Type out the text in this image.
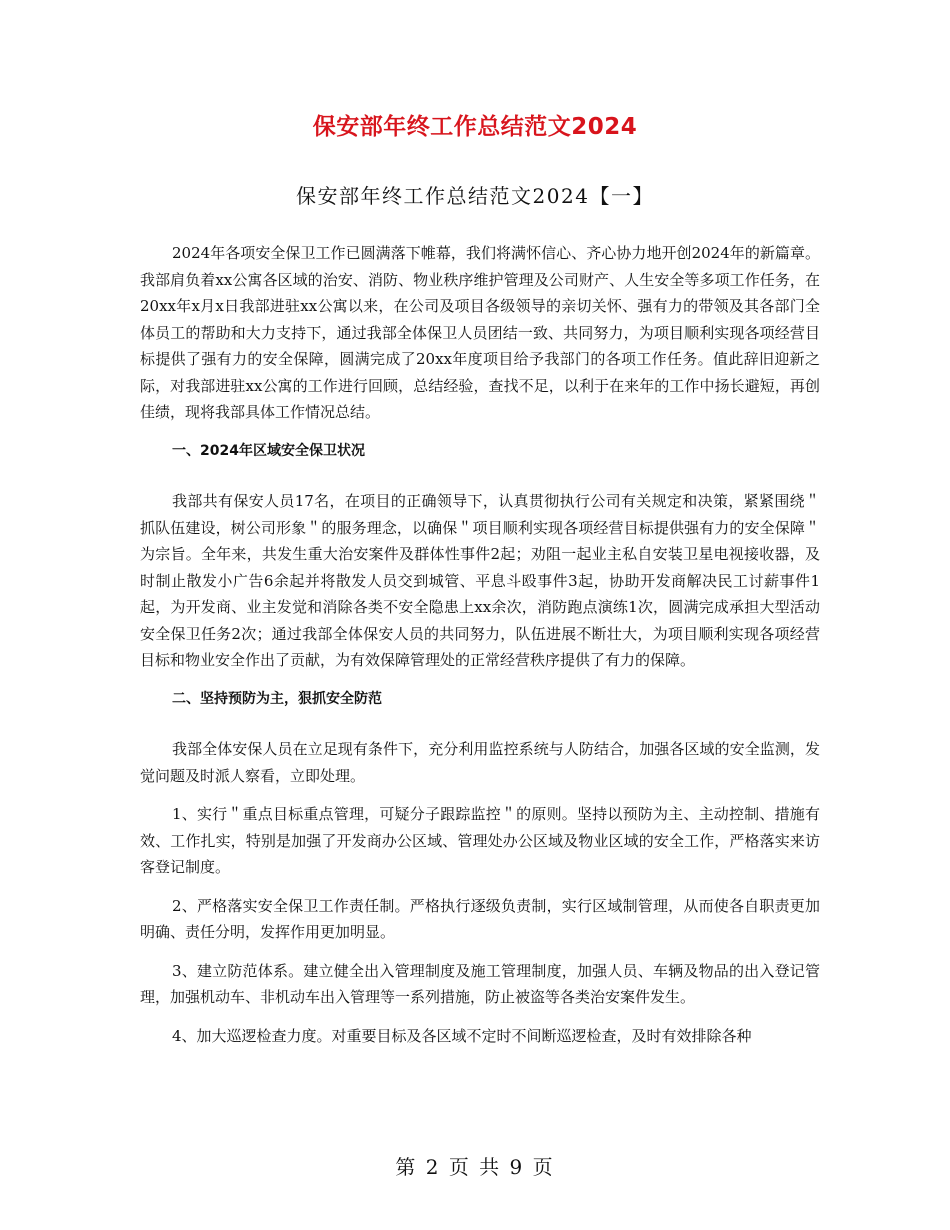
保安部年终工作总结范文2024
保安部年终工作总结范文2024【一】

2024年各项安全保卫工作已圆满落下帷幕，我们将满怀信心、齐心协力地开创2024年的新篇章。我部肩负着xx公寓各区域的治安、消防、物业秩序维护管理及公司财产、人生安全等多项工作任务，在20xx年x月x日我部进驻xx公寓以来，在公司及项目各级领导的亲切关怀、强有力的带领及其各部门全体员工的帮助和大力支持下，通过我部全体保卫人员团结一致、共同努力，为项目顺利实现各项经营目标提供了强有力的安全保障，圆满完成了20xx年度项目给予我部门的各项工作任务。值此辞旧迎新之际，对我部进驻xx公寓的工作进行回顾，总结经验，查找不足，以利于在来年的工作中扬长避短，再创佳绩，现将我部具体工作情况总结。

一、2024年区域安全保卫状况

我部共有保安人员17名，在项目的正确领导下，认真贯彻执行公司有关规定和决策，紧紧围绕＂抓队伍建设，树公司形象＂的服务理念，以确保＂项目顺利实现各项经营目标提供强有力的安全保障＂为宗旨。全年来，共发生重大治安案件及群体性事件2起；劝阻一起业主私自安装卫星电视接收器，及时制止散发小广告6余起并将散发人员交到城管、平息斗殴事件3起，协助开发商解决民工讨薪事件1起，为开发商、业主发觉和消除各类不安全隐患上xx余次，消防跑点演练1次，圆满完成承担大型活动安全保卫任务2次；通过我部全体保安人员的共同努力，队伍进展不断壮大，为项目顺利实现各项经营目标和物业安全作出了贡献，为有效保障管理处的正常经营秩序提供了有力的保障。

二、坚持预防为主，狠抓安全防范

我部全体安保人员在立足现有条件下，充分利用监控系统与人防结合，加强各区域的安全监测，发觉问题及时派人察看，立即处理。

1、实行＂重点目标重点管理，可疑分子跟踪监控＂的原则。坚持以预防为主、主动控制、措施有效、工作扎实，特别是加强了开发商办公区域、管理处办公区域及物业区域的安全工作，严格落实来访客登记制度。

2、严格落实安全保卫工作责任制。严格执行逐级负责制，实行区域制管理，从而使各自职责更加明确、责任分明，发挥作用更加明显。

3、建立防范体系。建立健全出入管理制度及施工管理制度，加强人员、车辆及物品的出入登记管理，加强机动车、非机动车出入管理等一系列措施，防止被盗等各类治安案件发生。

4、加大巡逻检查力度。对重要目标及各区域不定时不间断巡逻检查，及时有效排除各种

第 2 页 共 9 页
